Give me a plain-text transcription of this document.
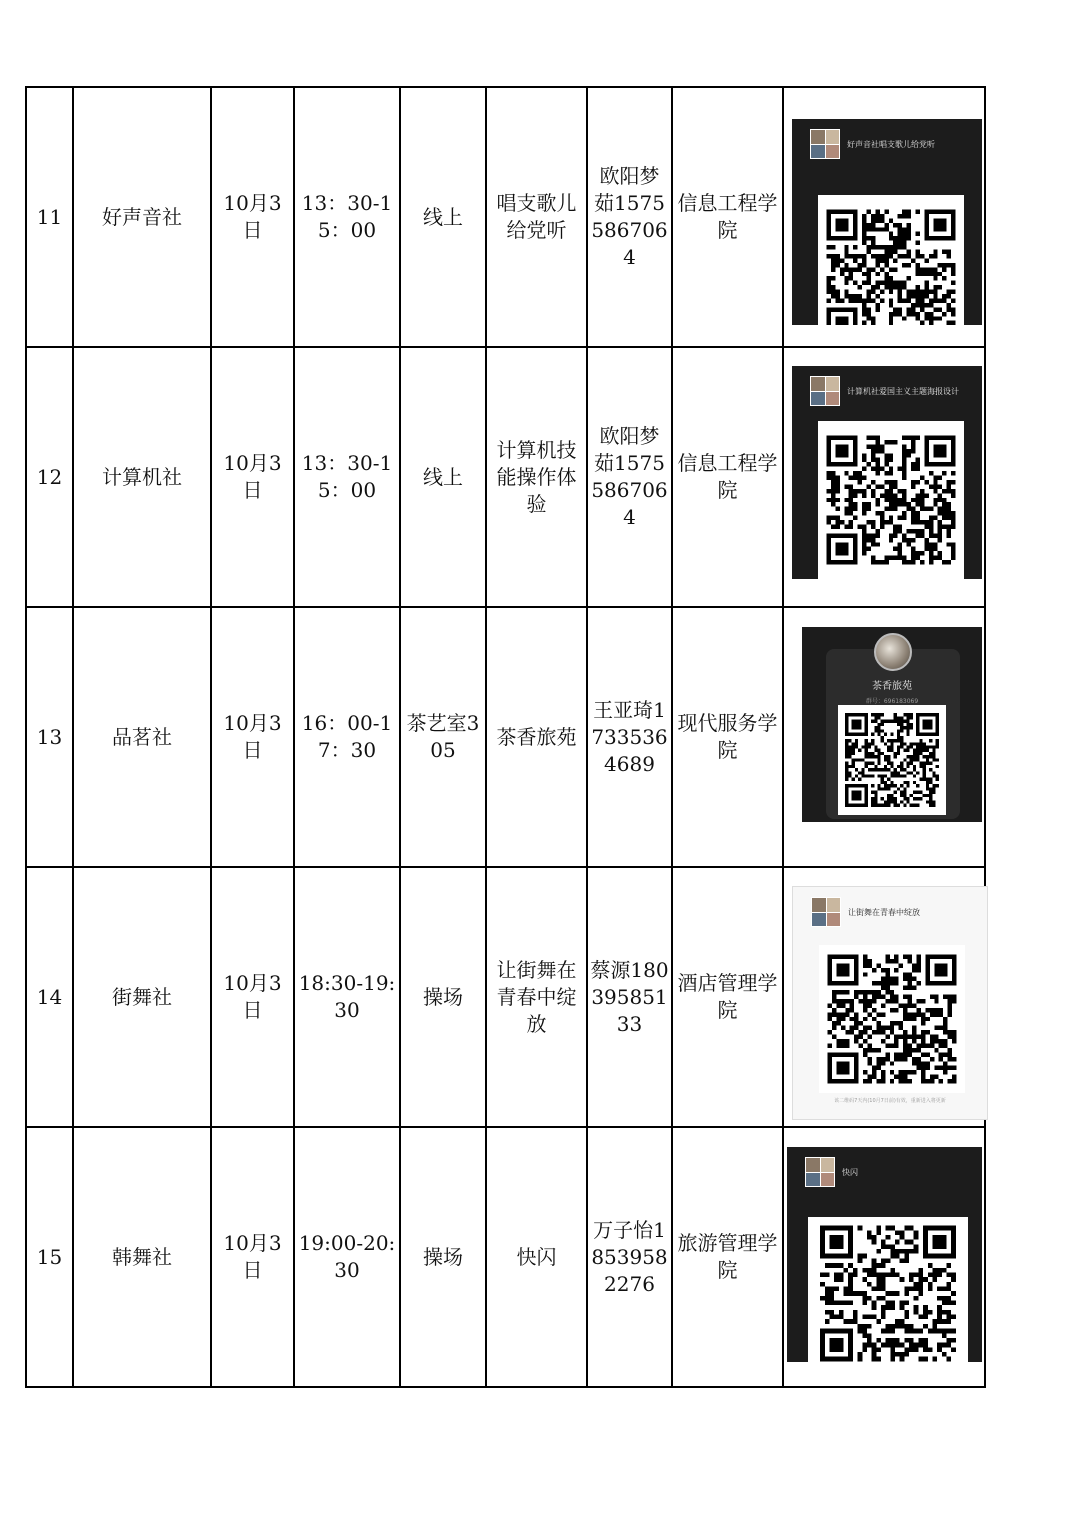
11	好声音社	10月3日	13：30-15：00	线上	唱支歌儿给党听	欧阳梦茹15755867064	信息工程学院	好声音社唱支歌儿给党听

12	计算机社	10月3日	13：30-15：00	线上	计算机技能操作体验	欧阳梦茹15755867064	信息工程学院	计算机社爱国主义主题海报设计

13	品茗社	10月3日	16：00-17：30	茶艺室305	茶香旅苑	王亚琦17335364689	现代服务学院	茶香旅苑
群号：696183069

14	街舞社	10月3日	18:30-19:30	操场	让街舞在青春中绽放	蔡源18039585133	酒店管理学院	让街舞在青春中绽放
该二维码7天内(10月7日前)有效，重新进入将更新

15	韩舞社	10月3日	19:00-20:30	操场	快闪	万子怡18539582276	旅游管理学院	快闪
